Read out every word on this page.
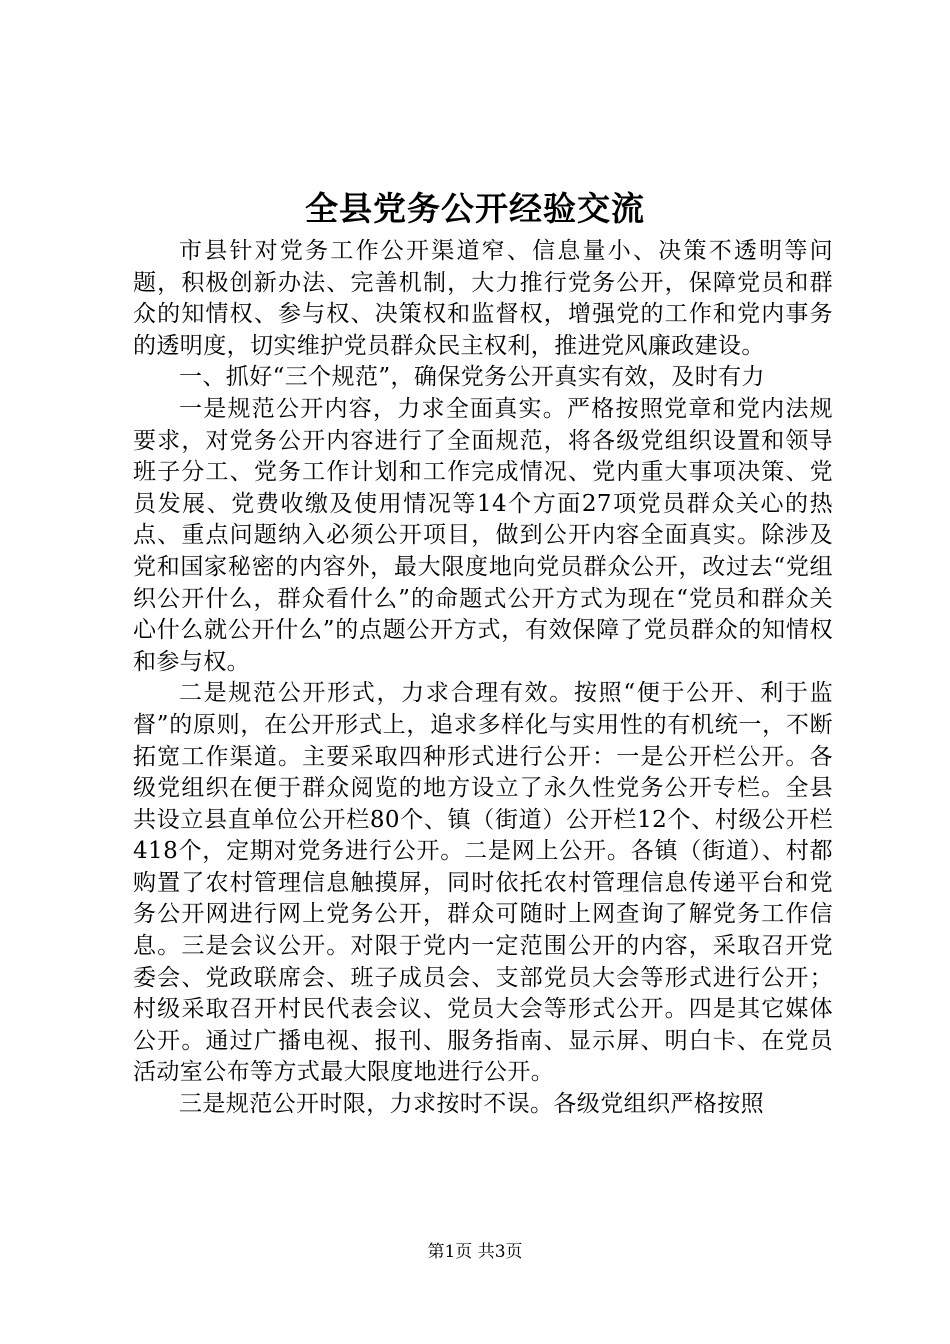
全县党务公开经验交流

市县针对党务工作公开渠道窄、信息量小、决策不透明等问题，积极创新办法、完善机制，大力推行党务公开，保障党员和群众的知情权、参与权、决策权和监督权，增强党的工作和党内事务的透明度，切实维护党员群众民主权利，推进党风廉政建设。

一、抓好“三个规范”，确保党务公开真实有效，及时有力

一是规范公开内容，力求全面真实。严格按照党章和党内法规要求，对党务公开内容进行了全面规范，将各级党组织设置和领导班子分工、党务工作计划和工作完成情况、党内重大事项决策、党员发展、党费收缴及使用情况等14个方面27项党员群众关心的热点、重点问题纳入必须公开项目，做到公开内容全面真实。除涉及党和国家秘密的内容外，最大限度地向党员群众公开，改过去“党组织公开什么，群众看什么”的命题式公开方式为现在“党员和群众关心什么就公开什么”的点题公开方式，有效保障了党员群众的知情权和参与权。

二是规范公开形式，力求合理有效。按照“便于公开、利于监督”的原则，在公开形式上，追求多样化与实用性的有机统一，不断拓宽工作渠道。主要采取四种形式进行公开：一是公开栏公开。各级党组织在便于群众阅览的地方设立了永久性党务公开专栏。全县共设立县直单位公开栏80个、镇（街道）公开栏12个、村级公开栏418个，定期对党务进行公开。二是网上公开。各镇（街道）、村都购置了农村管理信息触摸屏，同时依托农村管理信息传递平台和党务公开网进行网上党务公开，群众可随时上网查询了解党务工作信息。三是会议公开。对限于党内一定范围公开的内容，采取召开党委会、党政联席会、班子成员会、支部党员大会等形式进行公开；村级采取召开村民代表会议、党员大会等形式公开。四是其它媒体公开。通过广播电视、报刊、服务指南、显示屏、明白卡、在党员活动室公布等方式最大限度地进行公开。

三是规范公开时限，力求按时不误。各级党组织严格按照

第1页 共3页
